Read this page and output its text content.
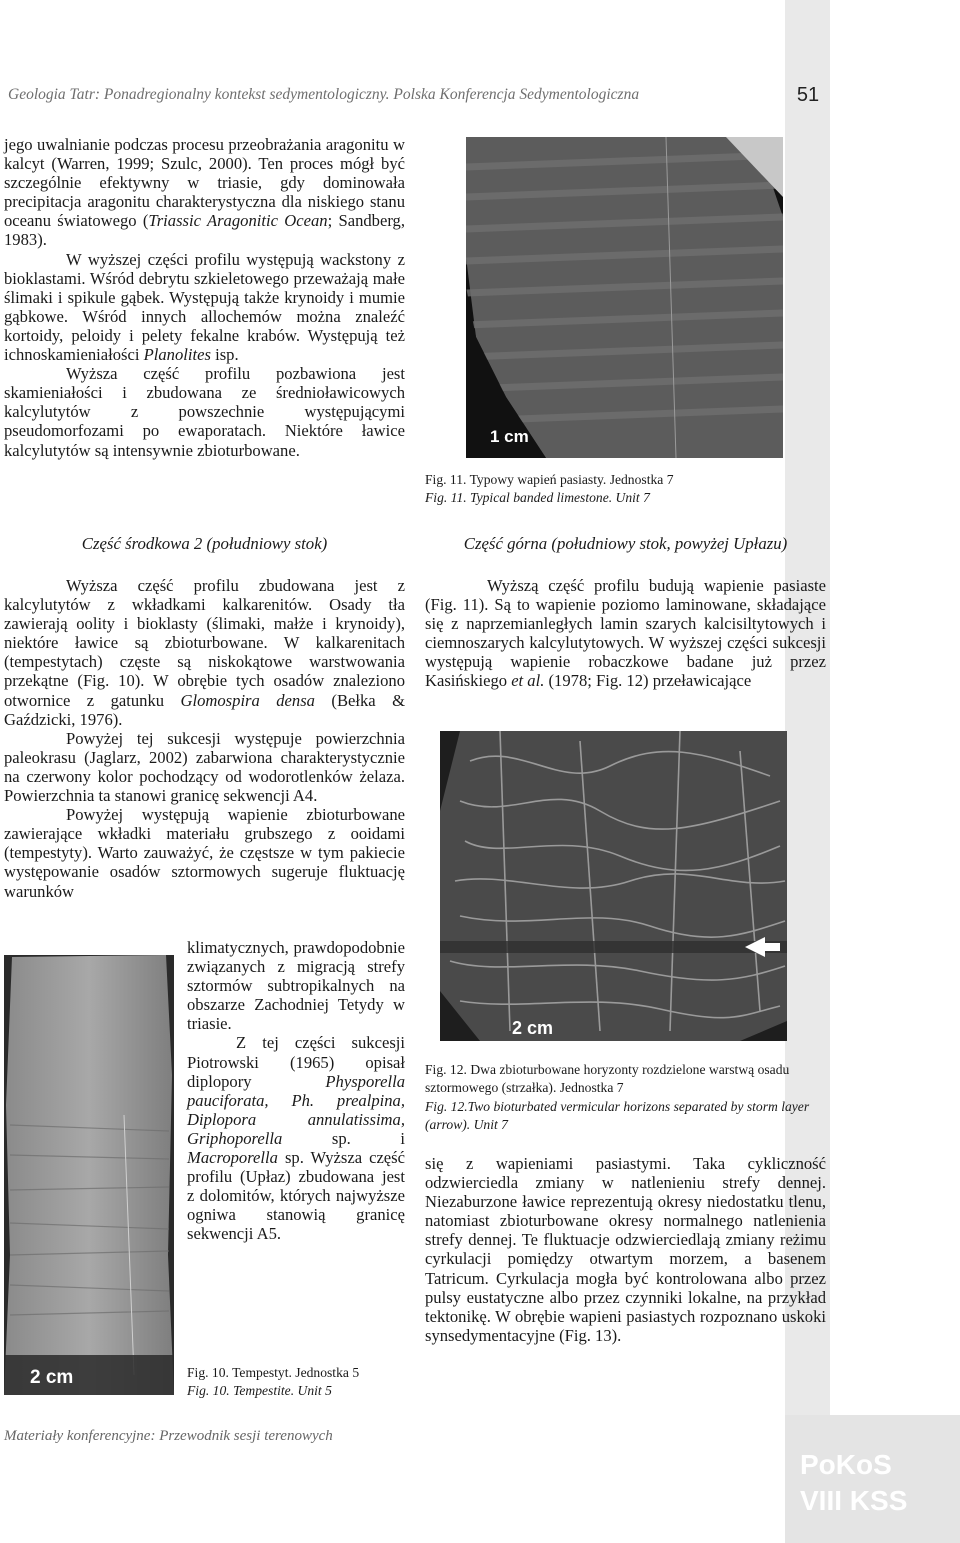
Geologia Tatr: Ponadregionalny kontekst sedymentologiczny. Polska Konferencja Sedymentologiczna	51

jego uwalnianie podczas procesu przeobrażania aragonitu w kalcyt (Warren, 1999; Szulc, 2000). Ten proces mógł być szczególnie efektywny w triasie, gdy dominowała precipitacja aragonitu charakterystyczna dla niskiego stanu oceanu światowego (Triassic Aragonitic Ocean; Sandberg, 1983).

W wyższej części profilu występują wackstony z bioklastami. Wśród debrytu szkieletowego przeważają małe ślimaki i spikule gąbek. Występują także krynoidy i mumie gąbkowe. Wśród innych allochemów można znaleźć kortoidy, peloidy i pelety fekalne krabów. Występują też ichnoskamieniałości Planolites isp.

Wyższa część profilu pozbawiona jest skamieniałości i zbudowana ze średnioławicowych kalcylutytów z powszechnie występującymi pseudomorfozami po ewaporatach. Niektóre ławice kalcylutytów są intensywnie zbioturbowane.

Część środkowa 2 (południowy stok)

Wyższa część profilu zbudowana jest z kalcylutytów z wkładkami kalkarenitów. Osady tła zawierają oolity i bioklasty (ślimaki, małże i krynoidy), niektóre ławice są zbioturbowane. W kalkarenitach (tempestytach) częste są niskokątowe warstwowania przekątne (Fig. 10). W obrębie tych osadów znaleziono otwornice z gatunku Glomospira densa (Bełka & Gaździcki, 1976).

Powyżej tej sukcesji występuje powierzchnia paleokrasu (Jaglarz, 2002) zabarwiona charakterystycznie na czerwony kolor pochodzący od wodorotlenków żelaza. Powierzchnia ta stanowi granicę sekwencji A4.

Powyżej występują wapienie zbioturbowane zawierające wkładki materiału grubszego z ooidami (tempestyty). Warto zauważyć, że częstsze w tym pakiecie występowanie osadów sztormowych sugeruje fluktuację warunków

klimatycznych, prawdopodobnie związanych z migracją strefy sztormów subtropikalnych na obszarze Zachodniej Tetydy w triasie.

Z tej części sukcesji Piotrowski (1965) opisał diplopory Physporella pauciforata, Ph. prealpina, Diplopora annulatissima, Griphoporella sp. i Macroporella sp. Wyższa część profilu (Upłaz) zbudowana jest z dolomitów, których najwyższe ogniwa stanowią granicę sekwencji A5.

2 cm	Fig. 10. Tempestyt. Jednostka 5
Fig. 10. Tempestite. Unit 5
1 cm
Fig. 11. Typowy wapień pasiasty. Jednostka 7
Fig. 11. Typical banded limestone. Unit 7
Część górna (południowy stok, powyżej Upłazu)

Wyższą część profilu budują wapienie pasiaste (Fig. 11). Są to wapienie poziomo laminowane, składające się z naprzemianległych lamin szarych kalcisiltytowych i ciemnoszarych kalcylutytowych. W wyższej części sukcesji występują wapienie robaczkowe badane już przez Kasińskiego et al. (1978; Fig. 12) przeławicające

2 cm
Fig. 12. Dwa zbioturbowane horyzonty rozdzielone warstwą osadu sztormowego (strzałka). Jednostka 7
Fig. 12.Two bioturbated vermicular horizons separated by storm layer (arrow). Unit 7

się z wapieniami pasiastymi. Taka cykliczność odzwierciedla zmiany w natlenieniu strefy dennej. Niezaburzone ławice reprezentują okresy niedostatku tlenu, natomiast zbioturbowane okresy normalnego natlenienia strefy dennej. Te fluktuacje odzwierciedlają zmiany reżimu cyrkulacji pomiędzy otwartym morzem, a basenem Tatricum. Cyrkulacja mogła być kontrolowana albo przez pulsy eustatyczne albo przez czynniki lokalne, na przykład tektonikę. W obrębie wapieni pasiastych rozpoznano uskoki synsedymentacyjne (Fig. 13).

Materiały konferencyjne: Przewodnik sesji terenowych
PoKoS
VIII KSS
